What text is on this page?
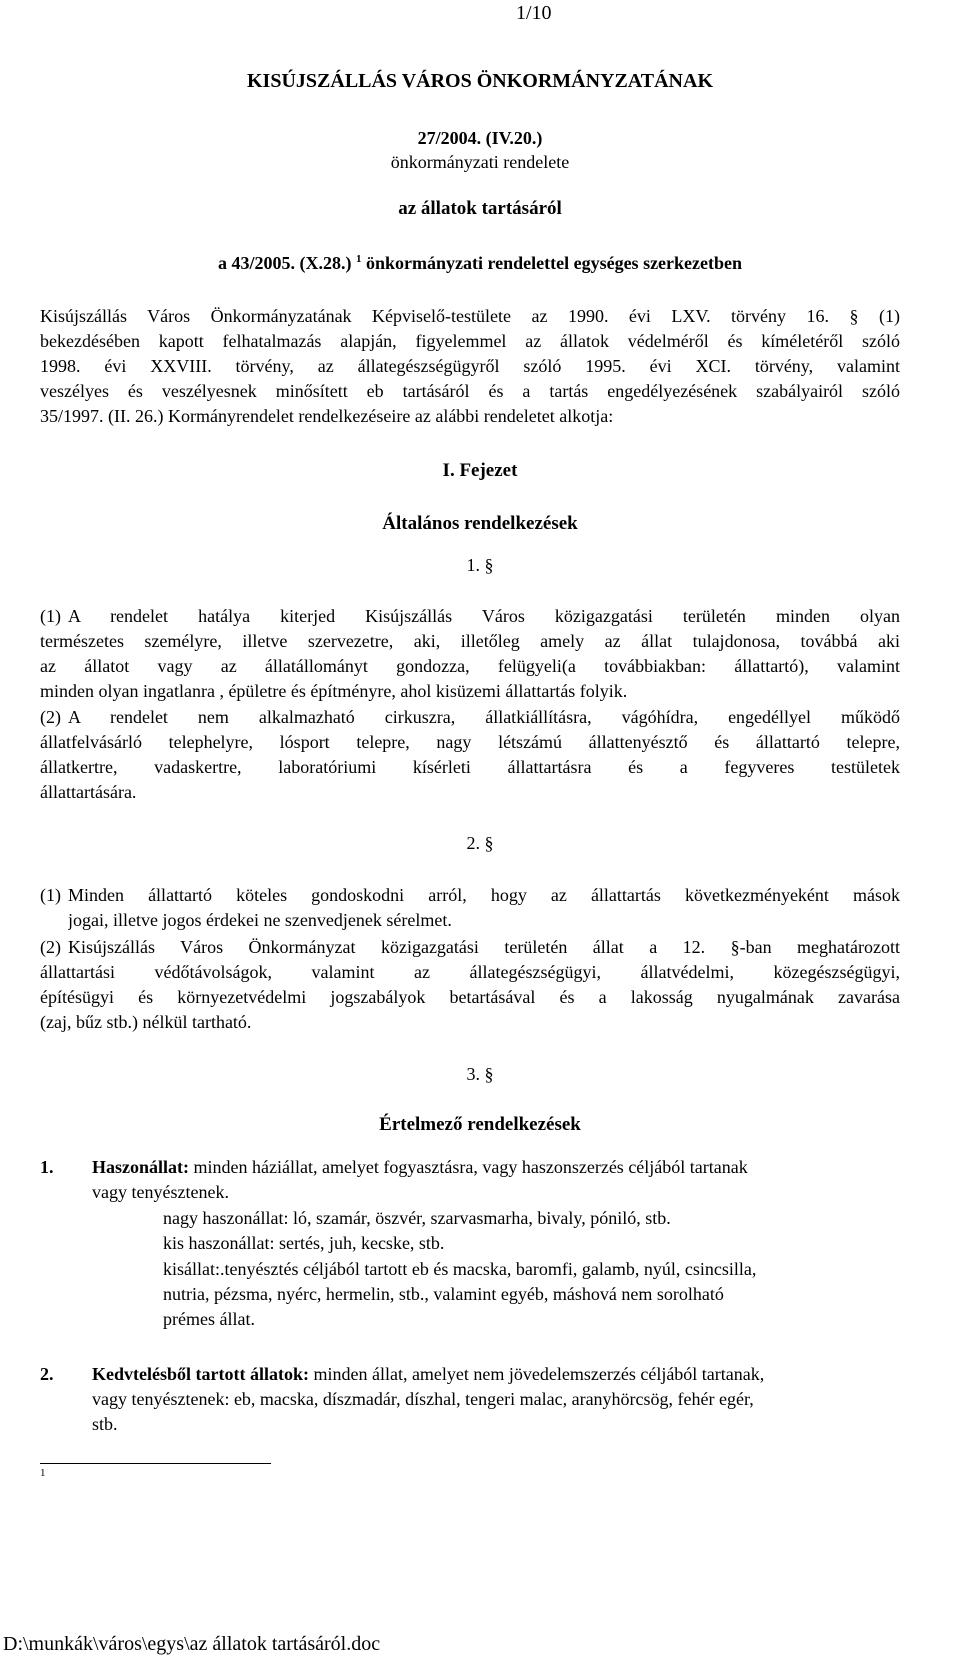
1/10
KISÚJSZÁLLÁS VÁROS ÖNKORMÁNYZATÁNAK
27/2004. (IV.20.)
önkormányzati rendelete
az állatok tartásáról
a 43/2005. (X.28.) $^1$ önkormányzati rendelettel egységes szerkezetben
Kisújszállás Város Önkormányzatának Képviselő-testülete az 1990. évi LXV. törvény 16. § (1)
bekezdésében kapott felhatalmazás alapján, figyelemmel az állatok védelméről és kíméletéről szóló
1998. évi XXVIII. törvény, az állategészségügyről szóló 1995. évi XCI. törvény, valamint
veszélyes és veszélyesnek minősített eb tartásáról és a tartás engedélyezésének szabályairól szóló
35/1997. (II. 26.) Kormányrendelet rendelkezéseire az alábbi rendeletet alkotja:
I. Fejezet
Általános rendelkezések
1. §
(1) A rendelet hatálya kiterjed Kisújszállás Város közigazgatási területén minden olyan
természetes személyre, illetve szervezetre, aki, illetőleg amely az állat tulajdonosa, továbbá aki
az állatot vagy az állatállományt gondozza, felügyeli(a továbbiakban: állattartó), valamint
minden olyan ingatlanra , épületre és építményre, ahol kisüzemi állattartás folyik.
(2) A rendelet nem alkalmazható cirkuszra, állatkiállításra, vágóhídra, engedéllyel működő
állatfelvásárló telephelyre, lósport telepre, nagy létszámú állattenyésztő és állattartó telepre,
állatkertre, vadaskertre, laboratóriumi kísérleti állattartásra és a fegyveres testületek
állattartására.
2. §
(1) Minden állattartó köteles gondoskodni arról, hogy az állattartás következményeként mások
jogai, illetve jogos érdekei ne szenvedjenek sérelmet.
(2) Kisújszállás Város Önkormányzat közigazgatási területén állat a 12. §-ban meghatározott
állattartási védőtávolságok, valamint az állategészségügyi, állatvédelmi, közegészségügyi,
építésügyi és környezetvédelmi jogszabályok betartásával és a lakosság nyugalmának zavarása
(zaj, bűz stb.) nélkül tartható.
3. §
Értelmező rendelkezések
1. Haszonállat: minden háziállat, amelyet fogyasztásra, vagy haszonszerzés céljából tartanak
vagy tenyésztenek.
nagy haszonállat: ló, szamár, öszvér, szarvasmarha, bivaly, póniló, stb.
kis haszonállat: sertés, juh, kecske, stb.
kisállat:.tenyésztés céljából tartott eb és macska, baromfi, galamb, nyúl, csincsilla,
nutria, pézsma, nyérc, hermelin, stb., valamint egyéb, máshová nem sorolható
prémes állat.
2. Kedvtelésből tartott állatok: minden állat, amelyet nem jövedelemszerzés céljából tartanak,
vagy tenyésztenek: eb, macska, díszmadár, díszhal, tengeri malac, aranyhörcsög, fehér egér,
stb.
1
D:\munkák\város\egys\az állatok tartásáról.doc
